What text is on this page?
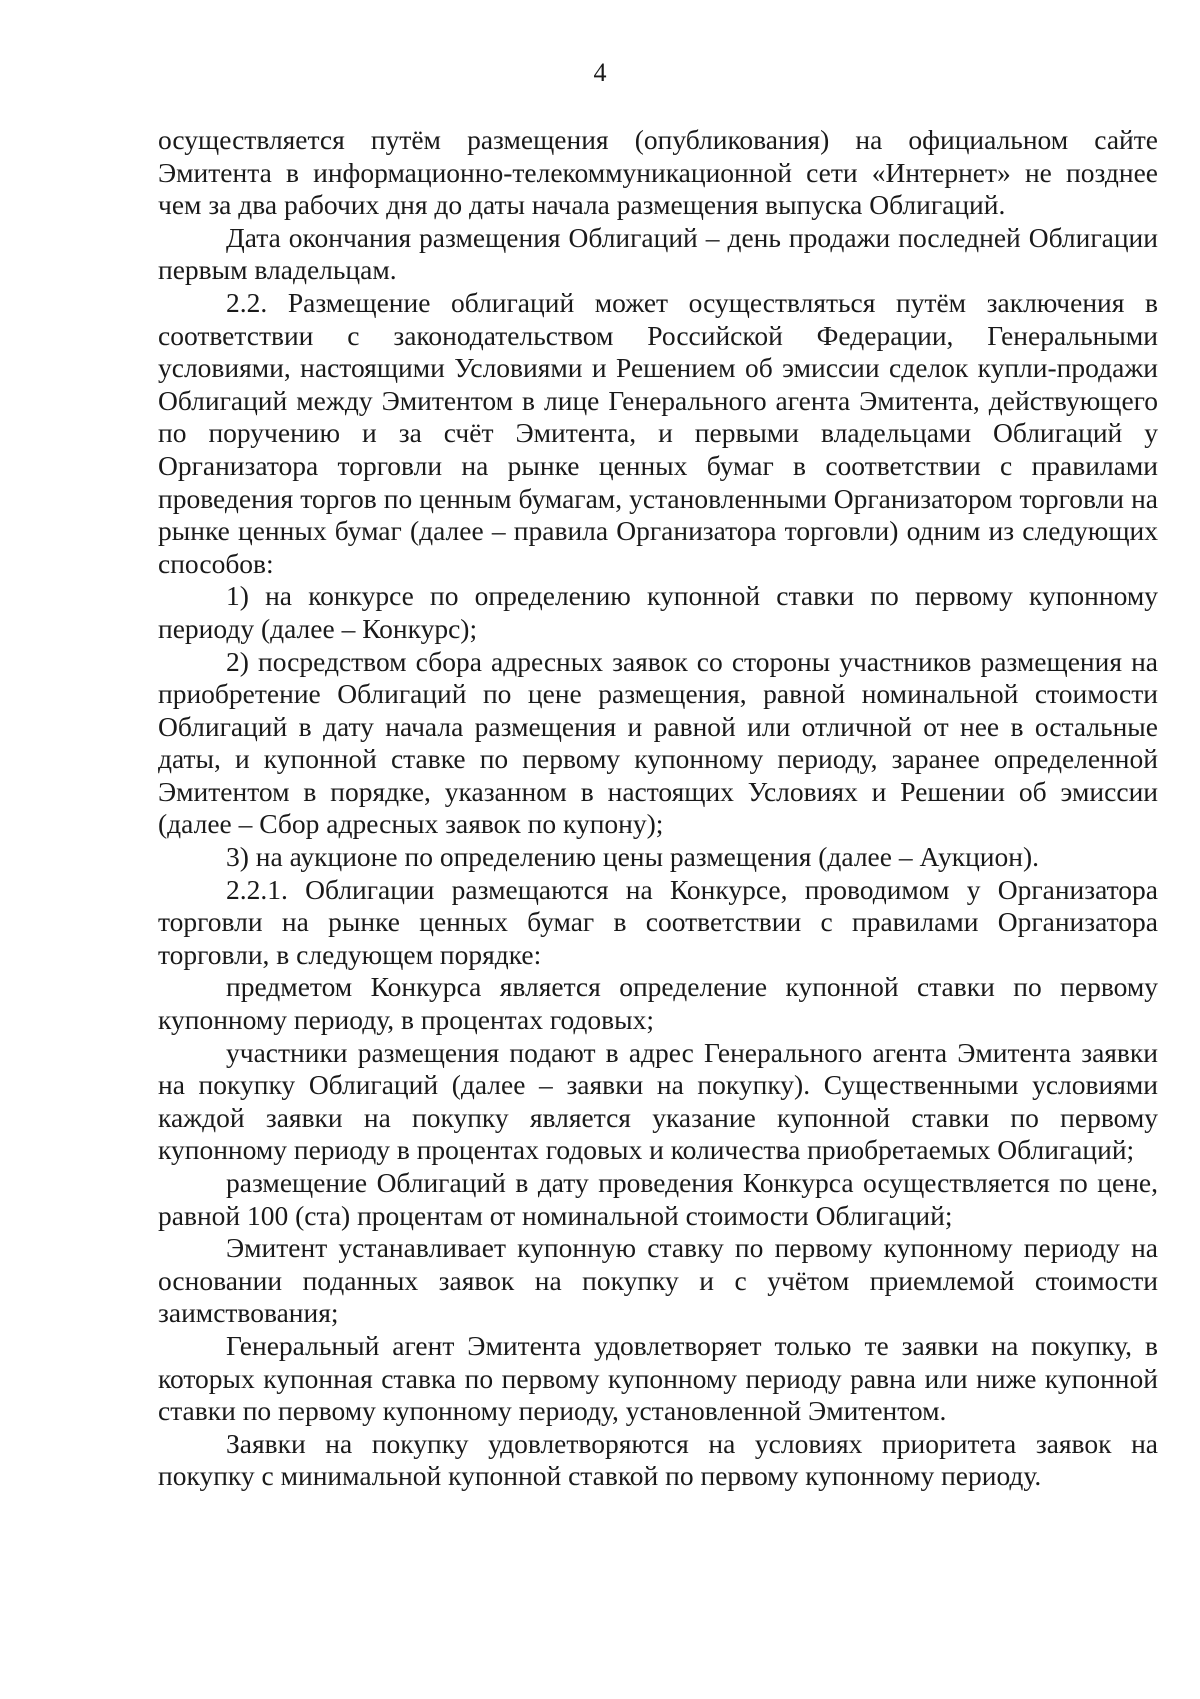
4

осуществляется путём размещения (опубликования) на официальном сайте Эмитента в информационно-телекоммуникационной сети «Интернет» не позднее чем за два рабочих дня до даты начала размещения выпуска Облигаций.

Дата окончания размещения Облигаций – день продажи последней Облигации первым владельцам.

2.2. Размещение облигаций может осуществляться путём заключения в соответствии с законодательством Российской Федерации, Генеральными условиями, настоящими Условиями и Решением об эмиссии сделок купли-продажи Облигаций между Эмитентом в лице Генерального агента Эмитента, действующего по поручению и за счёт Эмитента, и первыми владельцами Облигаций у Организатора торговли на рынке ценных бумаг в соответствии с правилами проведения торгов по ценным бумагам, установленными Организатором торговли на рынке ценных бумаг (далее – правила Организатора торговли) одним из следующих способов:

1) на конкурсе по определению купонной ставки по первому купонному периоду (далее – Конкурс);

2) посредством сбора адресных заявок со стороны участников размещения на приобретение Облигаций по цене размещения, равной номинальной стоимости Облигаций в дату начала размещения и равной или отличной от нее в остальные даты, и купонной ставке по первому купонному периоду, заранее определенной Эмитентом в порядке, указанном в настоящих Условиях и Решении об эмиссии (далее – Сбор адресных заявок по купону);

3) на аукционе по определению цены размещения (далее – Аукцион).

2.2.1. Облигации размещаются на Конкурсе, проводимом у Организатора торговли на рынке ценных бумаг в соответствии с правилами Организатора торговли, в следующем порядке:

предметом Конкурса является определение купонной ставки по первому купонному периоду, в процентах годовых;

участники размещения подают в адрес Генерального агента Эмитента заявки на покупку Облигаций (далее – заявки на покупку). Существенными условиями каждой заявки на покупку является указание купонной ставки по первому купонному периоду в процентах годовых и количества приобретаемых Облигаций;

размещение Облигаций в дату проведения Конкурса осуществляется по цене, равной 100 (ста) процентам от номинальной стоимости Облигаций;

Эмитент устанавливает купонную ставку по первому купонному периоду на основании поданных заявок на покупку и с учётом приемлемой стоимости заимствования;

Генеральный агент Эмитента удовлетворяет только те заявки на покупку, в которых купонная ставка по первому купонному периоду равна или ниже купонной ставки по первому купонному периоду, установленной Эмитентом.

Заявки на покупку удовлетворяются на условиях приоритета заявок на покупку с минимальной купонной ставкой по первому купонному периоду.
